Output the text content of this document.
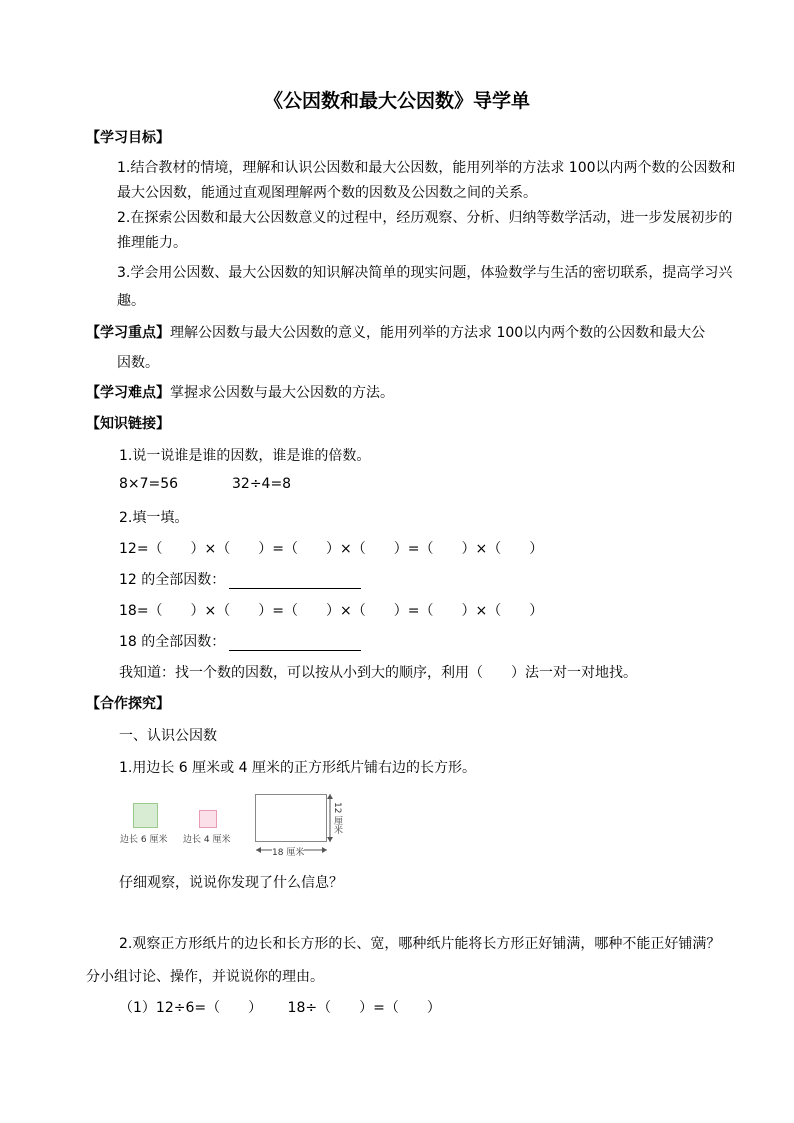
《公因数和最大公因数》导学单
【学习目标】
1.结合教材的情境，理解和认识公因数和最大公因数，能用列举的方法求 100以内两个数的公因数和
最大公因数，能通过直观图理解两个数的因数及公因数之间的关系。
2.在探索公因数和最大公因数意义的过程中，经历观察、分析、归纳等数学活动，进一步发展初步的
推理能力。
3.学会用公因数、最大公因数的知识解决简单的现实问题，体验数学与生活的密切联系，提高学习兴
趣。
【学习重点】理解公因数与最大公因数的意义，能用列举的方法求 100以内两个数的公因数和最大公
因数。
【学习难点】掌握求公因数与最大公因数的方法。
【知识链接】
1.说一说谁是谁的因数，谁是谁的倍数。
8×7=56	32÷4=8
2.填一填。
12=（　　）×（　　）=（　　）×（　　）=（　　）×（　　）
12 的全部因数：
18=（　　）×（　　）=（　　）×（　　）=（　　）×（　　）
18 的全部因数：
我知道：找一个数的因数，可以按从小到大的顺序，利用（　　）法一对一对地找。
【合作探究】
一、认识公因数
1.用边长 6 厘米或 4 厘米的正方形纸片铺右边的长方形。
边长 6 厘米 边长 4 厘米
18 厘米
12 厘米
仔细观察，说说你发现了什么信息？
2.观察正方形纸片的边长和长方形的长、宽，哪种纸片能将长方形正好铺满，哪种不能正好铺满？
分小组讨论、操作，并说说你的理由。
（1）12÷6=（　　）　　 18÷（　　）=（　　）
